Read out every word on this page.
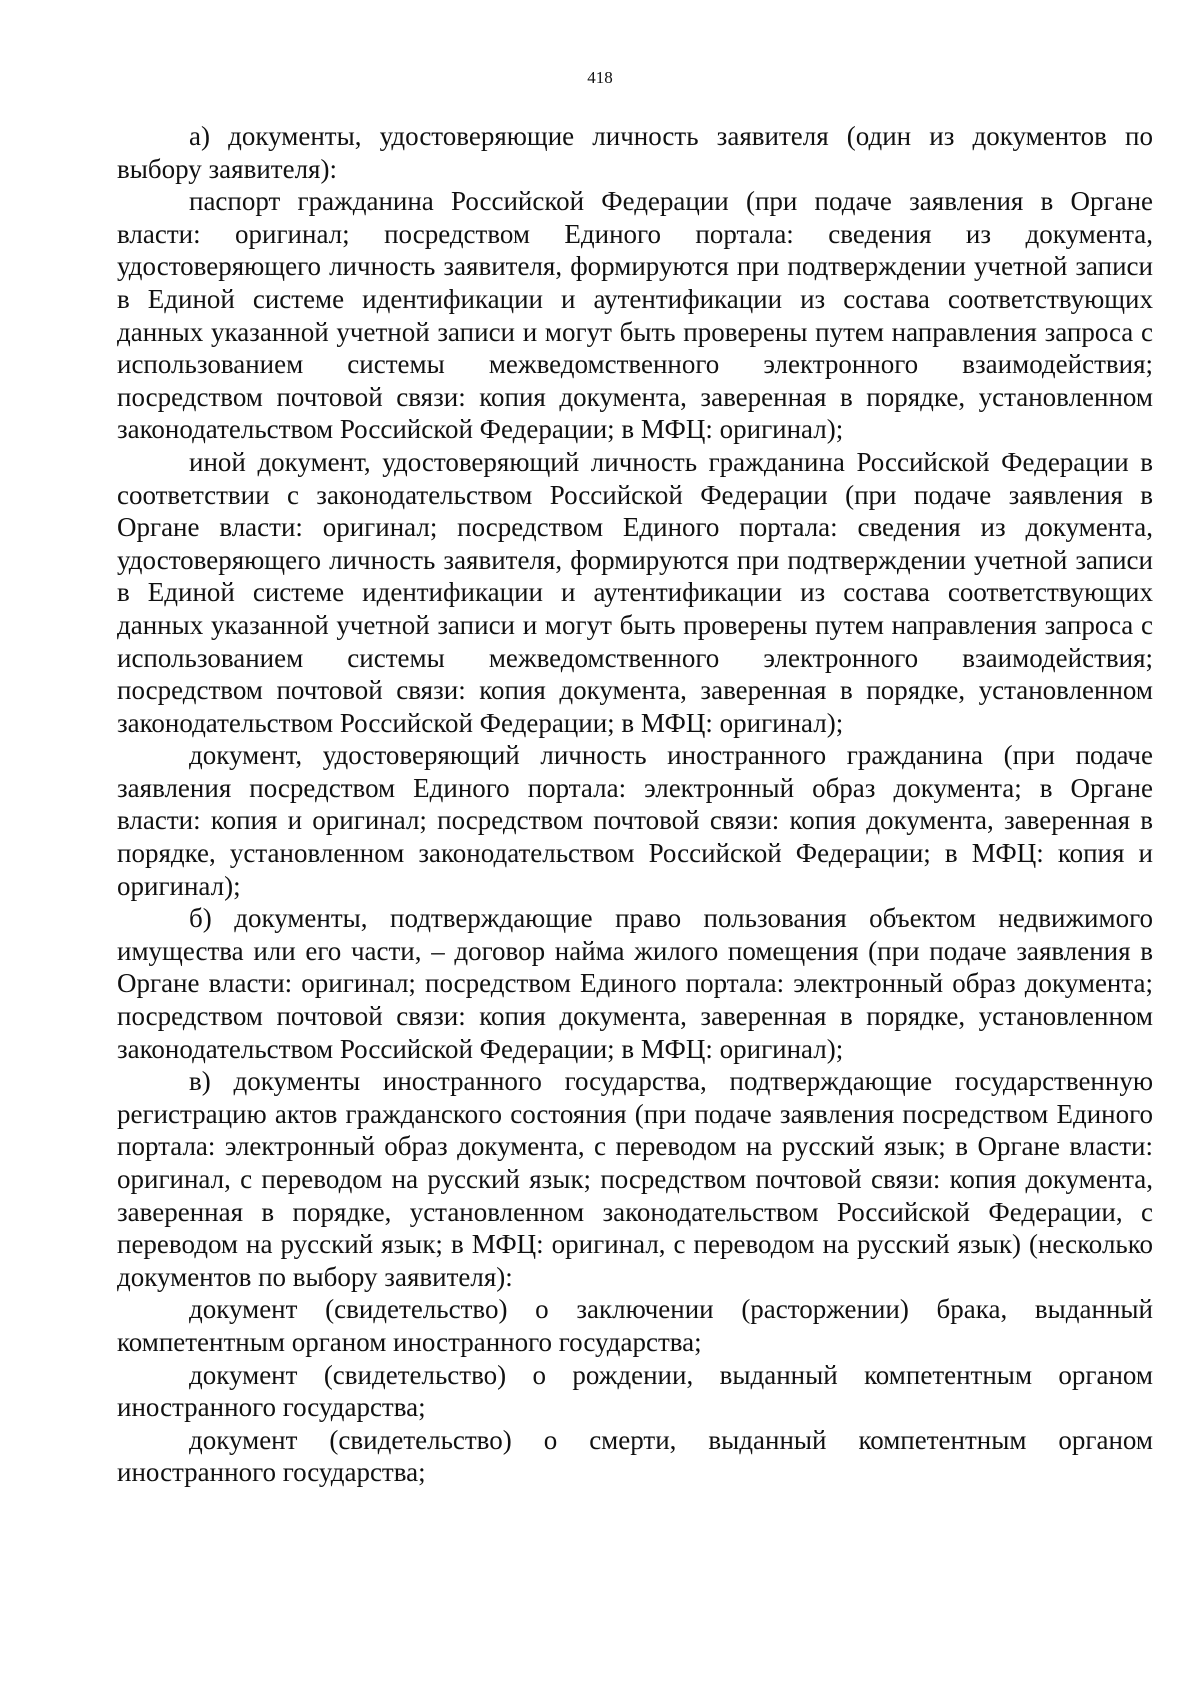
418

а) документы, удостоверяющие личность заявителя (один из документов по выбору заявителя):

паспорт гражданина Российской Федерации (при подаче заявления в Органе власти: оригинал; посредством Единого портала: сведения из документа, удостоверяющего личность заявителя, формируются при подтверждении учетной записи в Единой системе идентификации и аутентификации из состава соответствующих данных указанной учетной записи и могут быть проверены путем направления запроса с использованием системы межведомственного электронного взаимодействия; посредством почтовой связи: копия документа, заверенная в порядке, установленном законодательством Российской Федерации; в МФЦ: оригинал);

иной документ, удостоверяющий личность гражданина Российской Федерации в соответствии с законодательством Российской Федерации (при подаче заявления в Органе власти: оригинал; посредством Единого портала: сведения из документа, удостоверяющего личность заявителя, формируются при подтверждении учетной записи в Единой системе идентификации и аутентификации из состава соответствующих данных указанной учетной записи и могут быть проверены путем направления запроса с использованием системы межведомственного электронного взаимодействия; посредством почтовой связи: копия документа, заверенная в порядке, установленном законодательством Российской Федерации; в МФЦ: оригинал);

документ, удостоверяющий личность иностранного гражданина (при подаче заявления посредством Единого портала: электронный образ документа; в Органе власти: копия и оригинал; посредством почтовой связи: копия документа, заверенная в порядке, установленном законодательством Российской Федерации; в МФЦ: копия и оригинал);

б) документы, подтверждающие право пользования объектом недвижимого имущества или его части, – договор найма жилого помещения (при подаче заявления в Органе власти: оригинал; посредством Единого портала: электронный образ документа; посредством почтовой связи: копия документа, заверенная в порядке, установленном законодательством Российской Федерации; в МФЦ: оригинал);

в) документы иностранного государства, подтверждающие государственную регистрацию актов гражданского состояния (при подаче заявления посредством Единого портала: электронный образ документа, с переводом на русский язык; в Органе власти: оригинал, с переводом на русский язык; посредством почтовой связи: копия документа, заверенная в порядке, установленном законодательством Российской Федерации, с переводом на русский язык; в МФЦ: оригинал, с переводом на русский язык) (несколько документов по выбору заявителя):

документ (свидетельство) о заключении (расторжении) брака, выданный компетентным органом иностранного государства;

документ (свидетельство) о рождении, выданный компетентным органом иностранного государства;

документ (свидетельство) о смерти, выданный компетентным органом иностранного государства;
